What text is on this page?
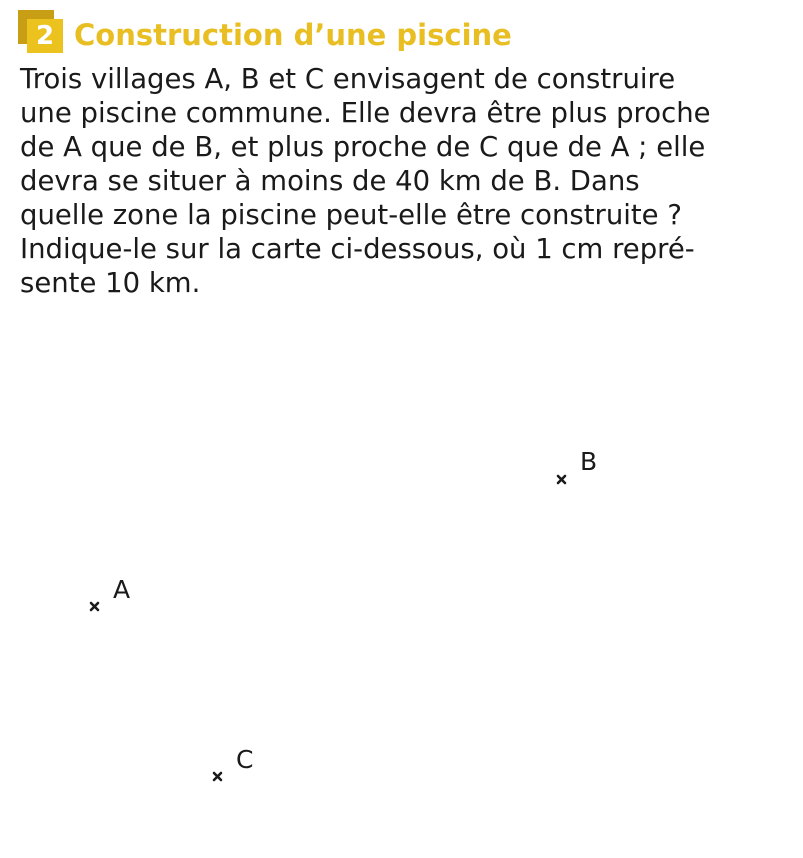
2 Construction d’une piscine

Trois villages A, B et C envisagent de construire
une piscine commune. Elle devra être plus proche
de A que de B, et plus proche de C que de A ; elle
devra se situer à moins de 40 km de B. Dans
quelle zone la piscine peut-elle être construite ?
Indique-le sur la carte ci-dessous, où 1 cm repré-
sente 10 km.

A
B
C
